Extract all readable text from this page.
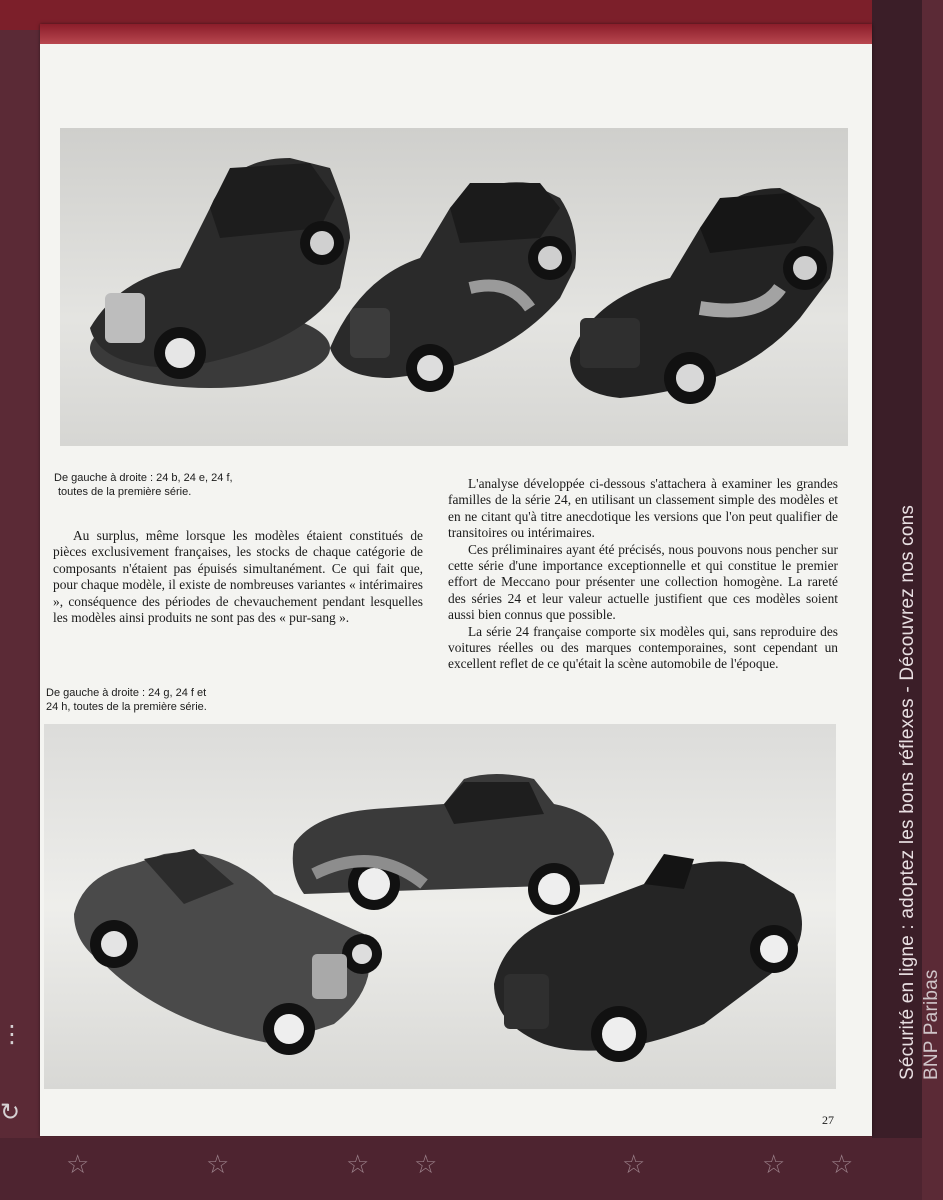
Sécurité en ligne : adoptez les bons réflexes - Découvrez nos cons BNP Paribas
⋮
↻
De gauche à droite : 24 b, 24 e, 24 f,
toutes de la première série.

Au surplus, même lorsque les modèles étaient constitués de pièces exclusivement françaises, les stocks de chaque catégorie de composants n'étaient pas épuisés simultanément. Ce qui fait que, pour chaque modèle, il existe de nombreuses variantes « intérimaires », conséquence des périodes de chevauchement pendant lesquelles les modèles ainsi produits ne sont pas des « pur-sang ».

De gauche à droite : 24 g, 24 f et
24 h, toutes de la première série.

L'analyse développée ci-dessous s'attachera à examiner les grandes familles de la série 24, en utilisant un classement simple des modèles et en ne citant qu'à titre anecdotique les versions que l'on peut qualifier de transitoires ou intérimaires.

Ces préliminaires ayant été précisés, nous pouvons nous pencher sur cette série d'une importance exceptionnelle et qui constitue le premier effort de Meccano pour présenter une collection homogène. La rareté des séries 24 et leur valeur actuelle justifient que ces modèles soient aussi bien connus que possible.

La série 24 française comporte six modèles qui, sans reproduire des voitures réelles ou des marques contemporaines, sont cependant un excellent reflet de ce qu'était la scène automobile de l'époque.

27
☆	☆	☆ ☆	☆	☆ ☆
